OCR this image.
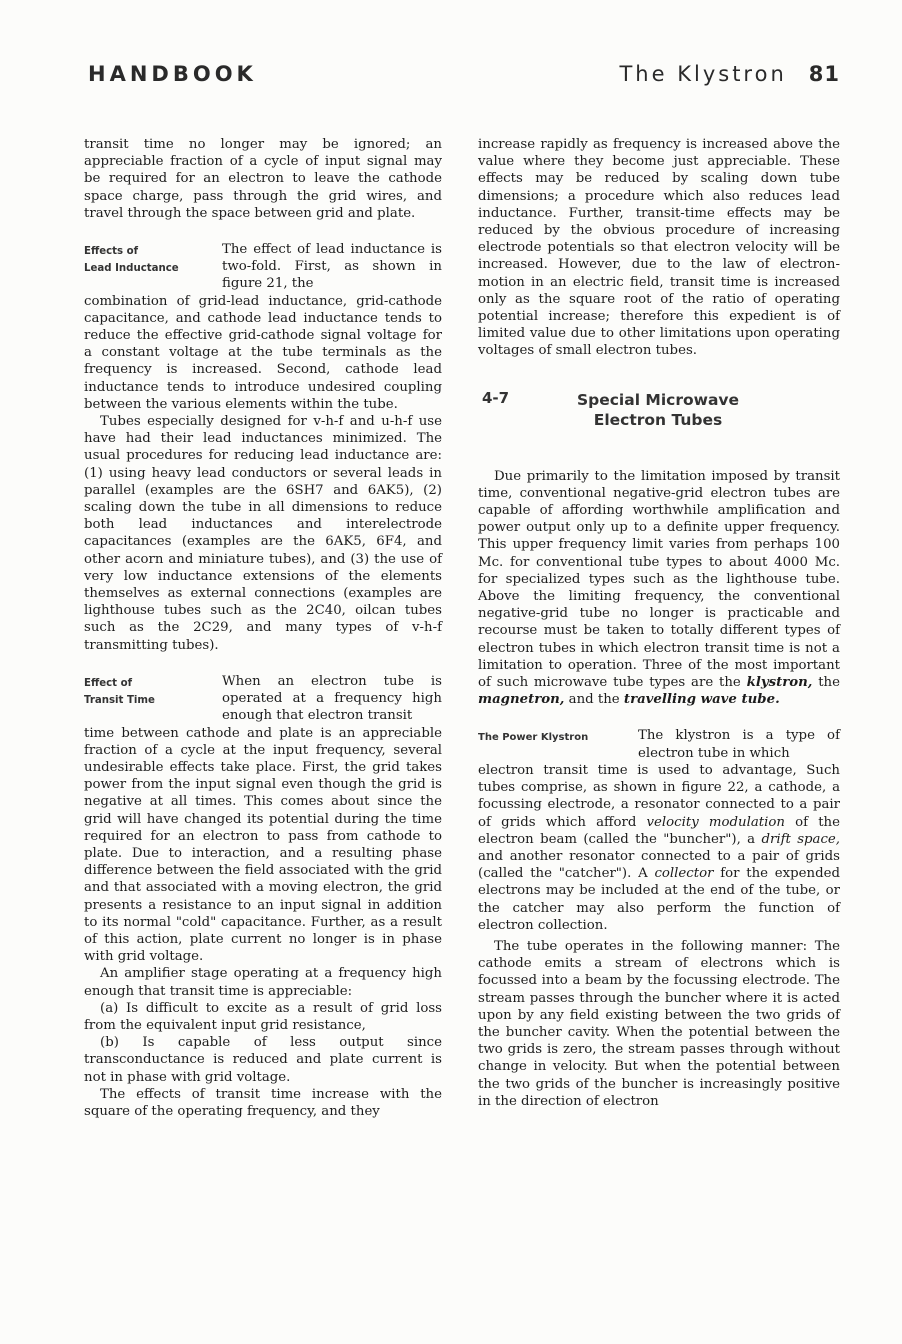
HANDBOOK	The Klystron 81

transit time no longer may be ignored; an appreciable fraction of a cycle of input signal may be required for an electron to leave the cathode space charge, pass through the grid wires, and travel through the space between grid and plate.

Effects of
Lead Inductance

The effect of lead inductance is two-fold. First, as shown in figure 21, the

combination of grid-lead inductance, grid-cathode capacitance, and cathode lead inductance tends to reduce the effective grid-cathode signal voltage for a constant voltage at the tube terminals as the frequency is increased. Second, cathode lead inductance tends to introduce undesired coupling between the various elements within the tube.

Tubes especially designed for v-h-f and u-h-f use have had their lead inductances minimized. The usual procedures for reducing lead inductance are: (1) using heavy lead conductors or several leads in parallel (examples are the 6SH7 and 6AK5), (2) scaling down the tube in all dimensions to reduce both lead inductances and interelectrode capacitances (examples are the 6AK5, 6F4, and other acorn and miniature tubes), and (3) the use of very low inductance extensions of the elements themselves as external connections (examples are lighthouse tubes such as the 2C40, oilcan tubes such as the 2C29, and many types of v-h-f transmitting tubes).

Effect of
Transit Time

When an electron tube is operated at a frequency high enough that electron transit

time between cathode and plate is an appreciable fraction of a cycle at the input frequency, several undesirable effects take place. First, the grid takes power from the input signal even though the grid is negative at all times. This comes about since the grid will have changed its potential during the time required for an electron to pass from cathode to plate. Due to interaction, and a resulting phase difference between the field associated with the grid and that associated with a moving electron, the grid presents a resistance to an input signal in addition to its normal "cold" capacitance. Further, as a result of this action, plate current no longer is in phase with grid voltage.

An amplifier stage operating at a frequency high enough that transit time is appreciable:

(a) Is difficult to excite as a result of grid loss from the equivalent input grid resistance,

(b) Is capable of less output since transconductance is reduced and plate current is not in phase with grid voltage.

The effects of transit time increase with the square of the operating frequency, and they

increase rapidly as frequency is increased above the value where they become just appreciable. These effects may be reduced by scaling down tube dimensions; a procedure which also reduces lead inductance. Further, transit-time effects may be reduced by the obvious procedure of increasing electrode potentials so that electron velocity will be increased. However, due to the law of electron-motion in an electric field, transit time is increased only as the square root of the ratio of operating potential increase; therefore this expedient is of limited value due to other limitations upon operating voltages of small electron tubes.

4-7	Special Microwave
Electron Tubes

Due primarily to the limitation imposed by transit time, conventional negative-grid electron tubes are capable of affording worthwhile amplification and power output only up to a definite upper frequency. This upper frequency limit varies from perhaps 100 Mc. for conventional tube types to about 4000 Mc. for specialized types such as the lighthouse tube. Above the limiting frequency, the conventional negative-grid tube no longer is practicable and recourse must be taken to totally different types of electron tubes in which electron transit time is not a limitation to operation. Three of the most important of such microwave tube types are the klystron, the magnetron, and the travelling wave tube.

The Power Klystron	The klystron is a type of electron tube in which

electron transit time is used to advantage, Such tubes comprise, as shown in figure 22, a cathode, a focussing electrode, a resonator connected to a pair of grids which afford velocity modulation of the electron beam (called the "buncher"), a drift space, and another resonator connected to a pair of grids (called the "catcher"). A collector for the expended electrons may be included at the end of the tube, or the catcher may also perform the function of electron collection.

The tube operates in the following manner: The cathode emits a stream of electrons which is focussed into a beam by the focussing electrode. The stream passes through the buncher where it is acted upon by any field existing between the two grids of the buncher cavity. When the potential between the two grids is zero, the stream passes through without change in velocity. But when the potential between the two grids of the buncher is increasingly positive in the direction of electron
